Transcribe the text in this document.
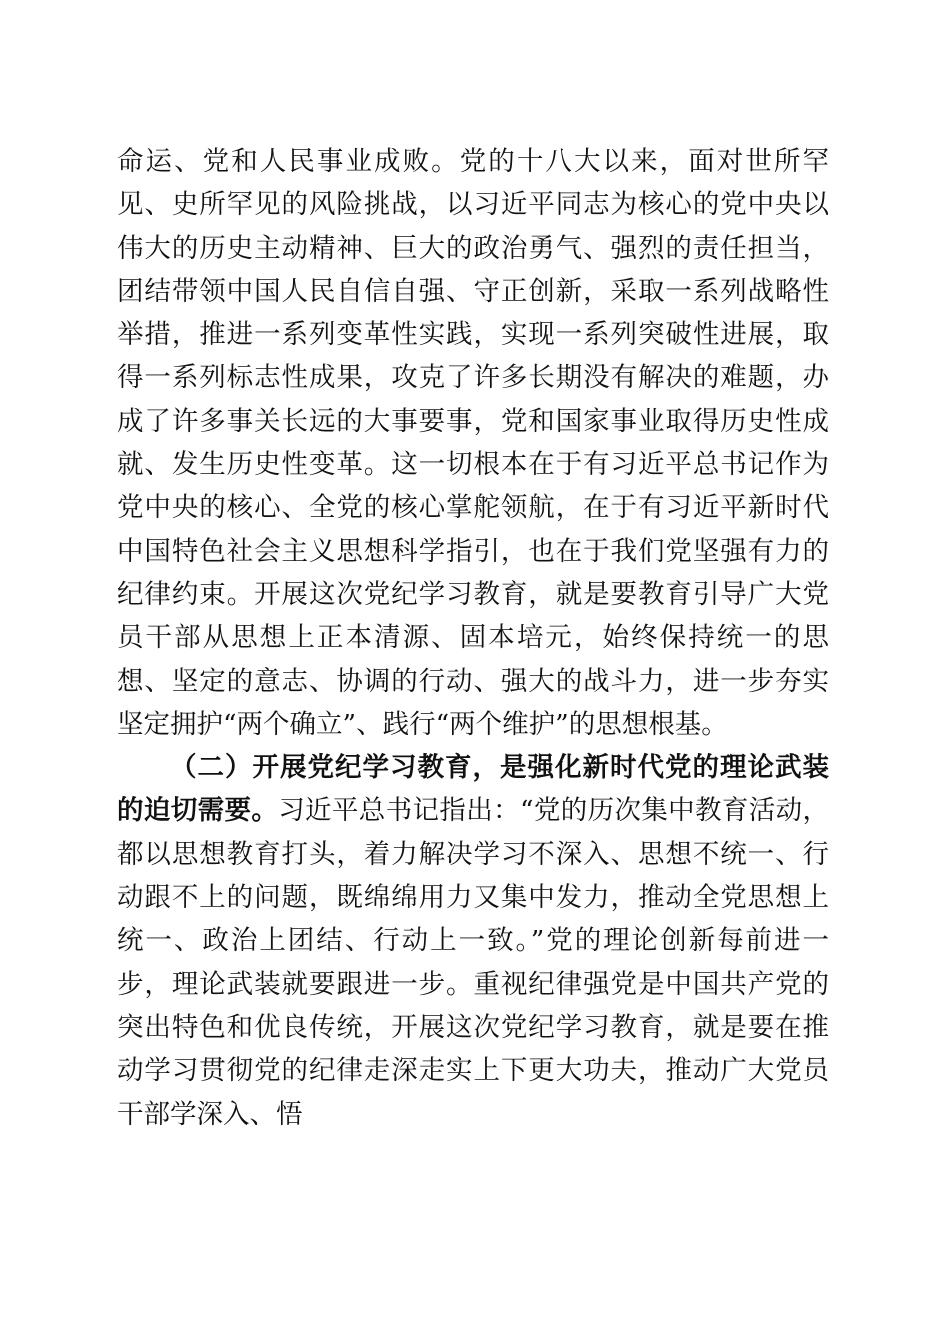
命运、党和人民事业成败。党的十八大以来，面对世所罕见、史所罕见的风险挑战，以习近平同志为核心的党中央以伟大的历史主动精神、巨大的政治勇气、强烈的责任担当，团结带领中国人民自信自强、守正创新，采取一系列战略性举措，推进一系列变革性实践，实现一系列突破性进展，取得一系列标志性成果，攻克了许多长期没有解决的难题，办成了许多事关长远的大事要事，党和国家事业取得历史性成就、发生历史性变革。这一切根本在于有习近平总书记作为党中央的核心、全党的核心掌舵领航，在于有习近平新时代中国特色社会主义思想科学指引，也在于我们党坚强有力的纪律约束。开展这次党纪学习教育，就是要教育引导广大党员干部从思想上正本清源、固本培元，始终保持统一的思想、坚定的意志、协调的行动、强大的战斗力，进一步夯实坚定拥护“两个确立”、践行“两个维护”的思想根基。

（二）开展党纪学习教育，是强化新时代党的理论武装的迫切需要。习近平总书记指出：“党的历次集中教育活动，都以思想教育打头，着力解决学习不深入、思想不统一、行动跟不上的问题，既绵绵用力又集中发力，推动全党思想上统一、政治上团结、行动上一致。”党的理论创新每前进一步，理论武装就要跟进一步。重视纪律强党是中国共产党的突出特色和优良传统，开展这次党纪学习教育，就是要在推动学习贯彻党的纪律走深走实上下更大功夫，推动广大党员干部学深入、悟
